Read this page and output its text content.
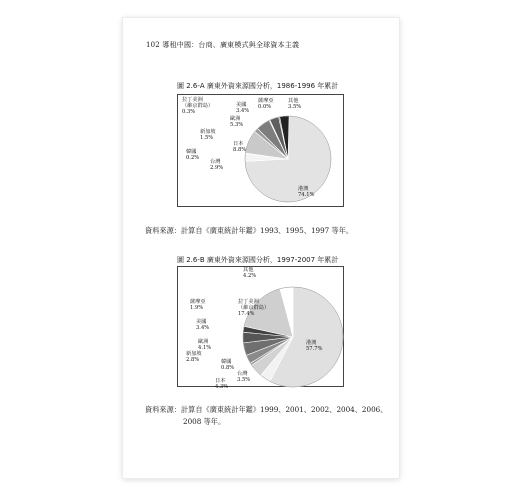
102 導租中國：台商、廣東模式與全球資本主義
圖 2.6-A 廣東外資來源國分析，1986-1996 年累計
港澳 74.1%
台灣 2.9%
韓國 0.2%
日本 8.8%
新加坡 1.5%
歐洲 5.3%
拉丁美洲（維京群島） 0.3%
美國 3.4%
薩摩亞 0.0%
其他 3.5%
資料來源：計算自《廣東統計年鑑》1993、1995、1997 等年。
圖 2.6-B 廣東外資來源國分析，1997-2007 年累計
港澳 57.7%
台灣 3.5%
日本 4.3%
韓國 0.8%
新加坡 2.8%
歐洲 4.1%
美國 3.4%
薩摩亞 1.9%
拉丁美洲（維京群島） 17.4%
其他 4.2%
資料來源：計算自《廣東統計年鑑》1999、2001、2002、2004、2006、
2008 等年。
